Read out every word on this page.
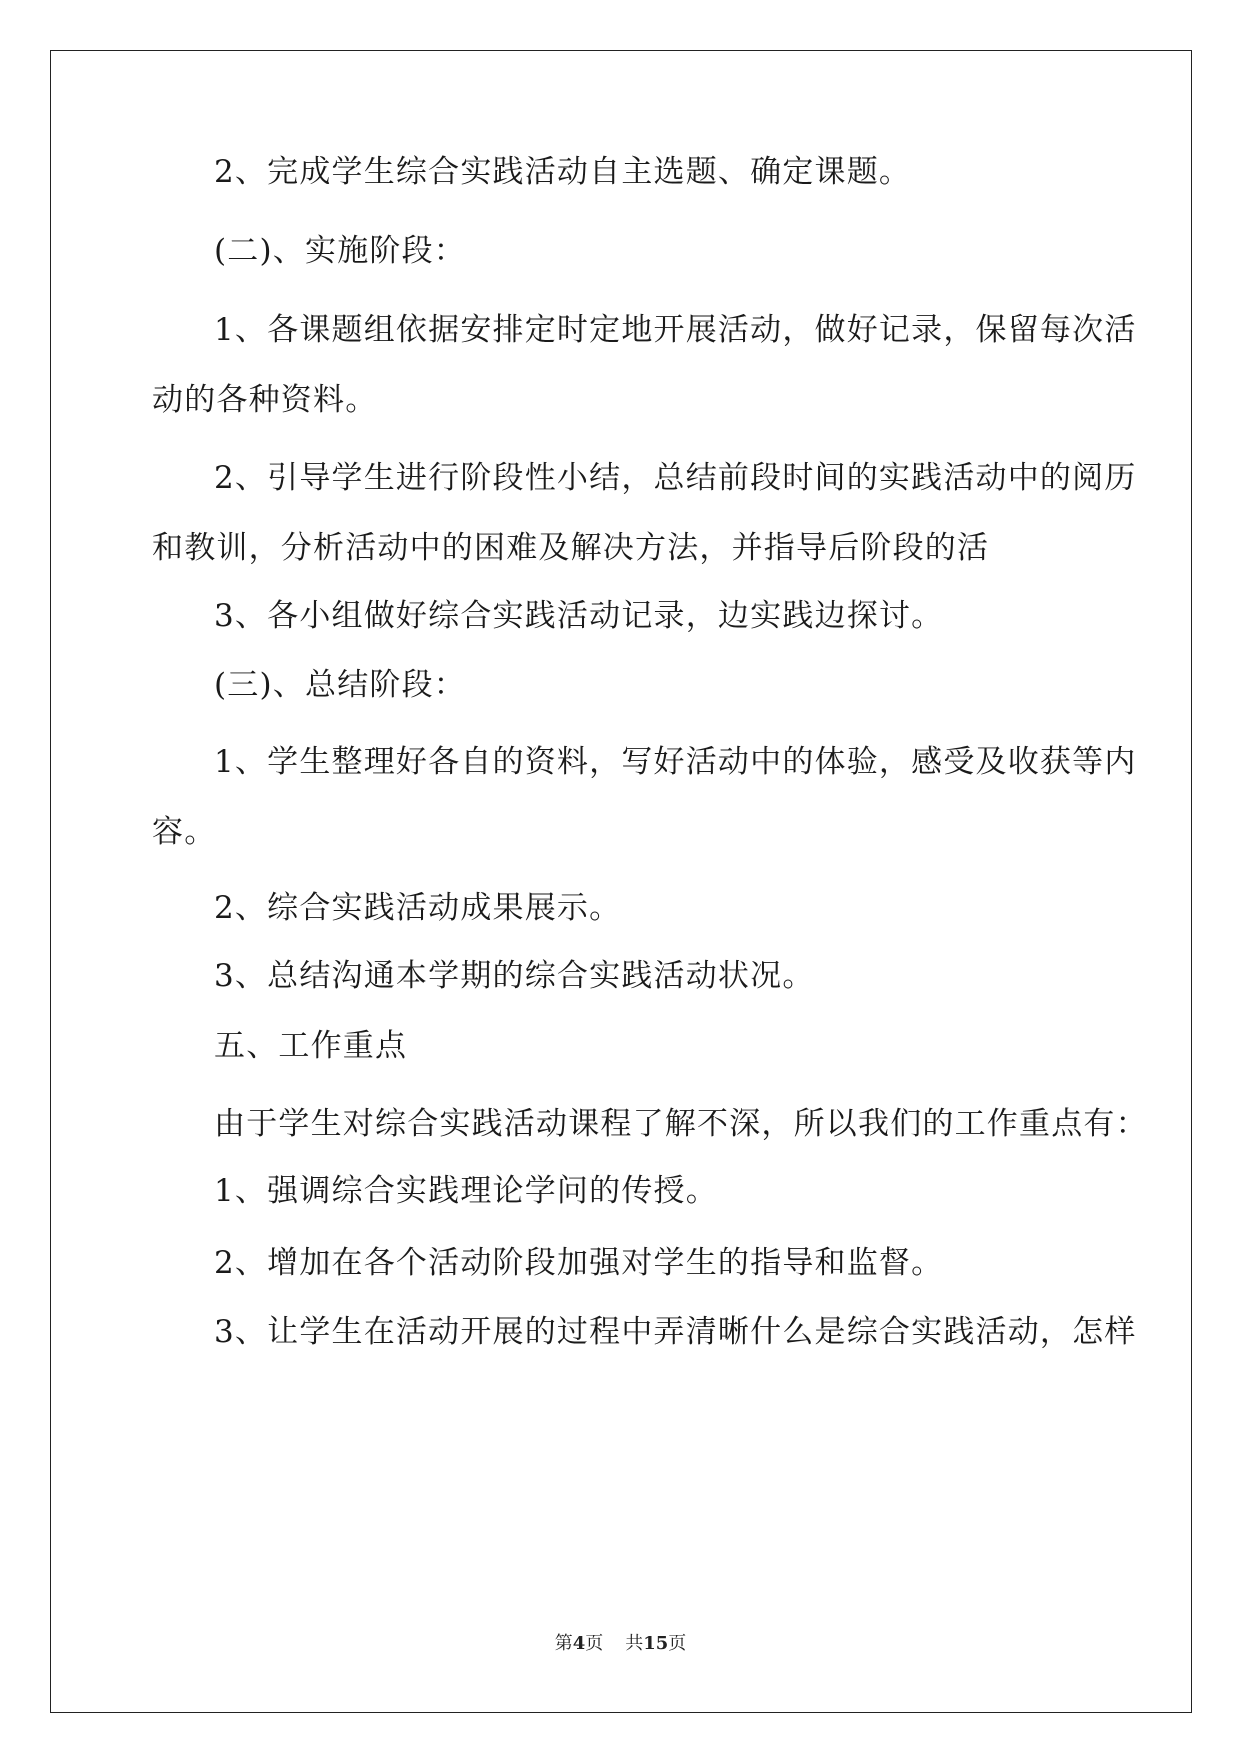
2、完成学生综合实践活动自主选题、确定课题。
(二)、实施阶段：
1、各课题组依据安排定时定地开展活动，做好记录，保留每次活
动的各种资料。
2、引导学生进行阶段性小结，总结前段时间的实践活动中的阅历
和教训，分析活动中的困难及解决方法，并指导后阶段的活
3、各小组做好综合实践活动记录，边实践边探讨。
(三)、总结阶段：
1、学生整理好各自的资料，写好活动中的体验，感受及收获等内
容。
2、综合实践活动成果展示。
3、总结沟通本学期的综合实践活动状况。
五、工作重点
由于学生对综合实践活动课程了解不深，所以我们的工作重点有：
1、强调综合实践理论学问的传授。
2、增加在各个活动阶段加强对学生的指导和监督。
3、让学生在活动开展的过程中弄清晰什么是综合实践活动，怎样
第4页 共15页
